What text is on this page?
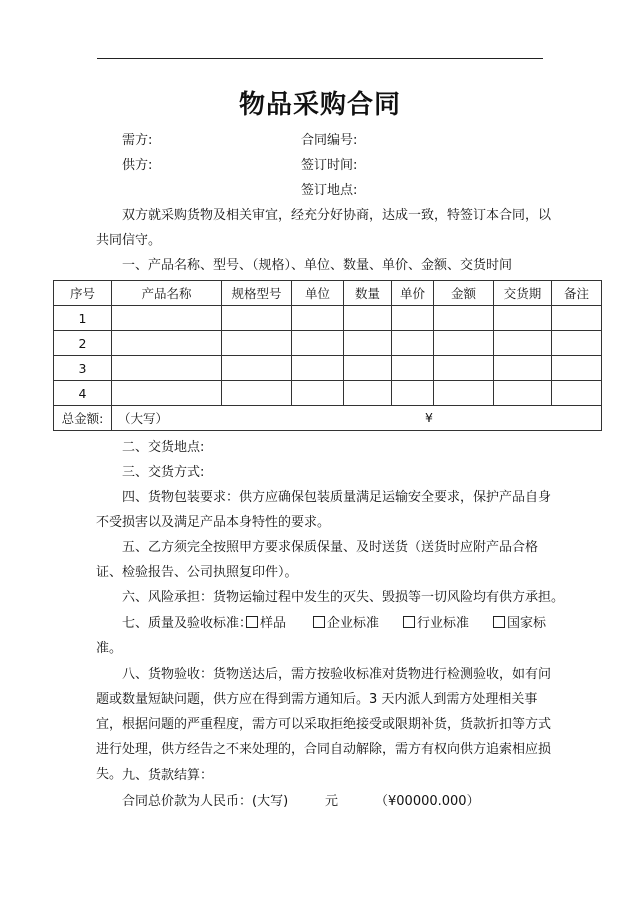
物品采购合同
需方:	合同编号:
供方:	签订时间:
签订地点:
双方就采购货物及相关审宜，经充分好协商，达成一致，特签订本合同，以共同信守。
一、产品名称、型号、（规格）、单位、数量、单价、金额、交货时间
序号	产品名称	规格型号	单位	数量	单价	金额	交货期	备注
1								
2								
3								
4								
总金额:	（大写） ¥							
二、交货地点:
三、交货方式:
四、货物包装要求：供方应确保包装质量满足运输安全要求，保护产品自身不受损害以及满足产品本身特性的要求。
五、乙方须完全按照甲方要求保质保量、及时送货（送货时应附产品合格证、检验报告、公司执照复印件）。
六、风险承担：货物运输过程中发生的灭失、毁损等一切风险均有供方承担。
七、质量及验收标准： 样品	企业标准	行业标准	国家标
准。
八、货物验收：货物送达后，需方按验收标准对货物进行检测验收，如有问题或数量短缺问题，供方应在得到需方通知后。3 天内派人到需方处理相关事宜，根据问题的严重程度，需方可以采取拒绝接受或限期补货，货款折扣等方式进行处理，供方经告之不来处理的，合同自动解除，需方有权向供方追索相应损失。 九、货款结算：
合同总价款为人民币：(大写)	元	（¥00000.000）
